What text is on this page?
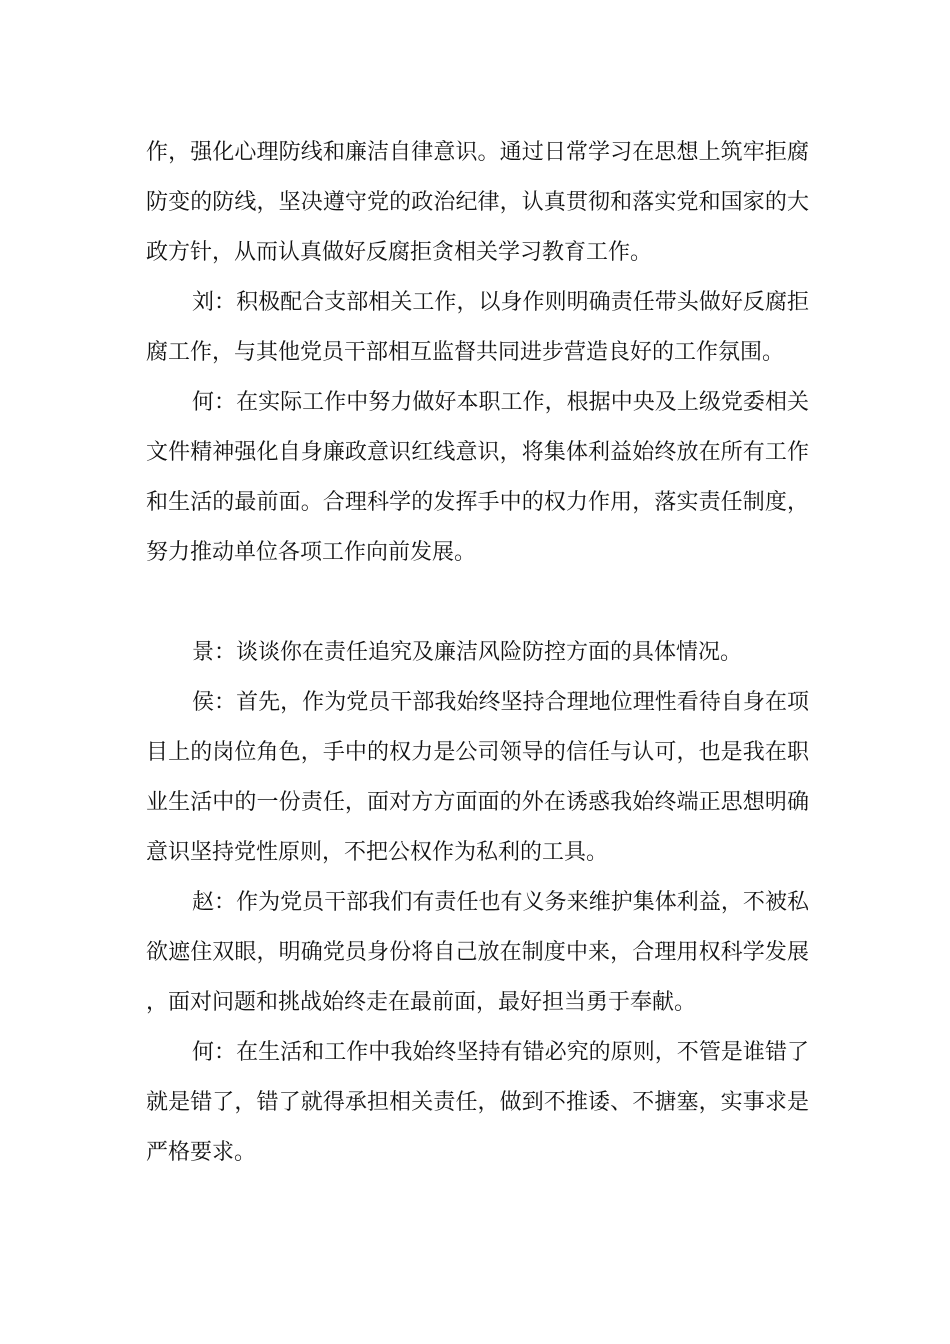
作，强化心理防线和廉洁自律意识。通过日常学习在思想上筑牢拒腐防变的防线，坚决遵守党的政治纪律，认真贯彻和落实党和国家的大政方针，从而认真做好反腐拒贪相关学习教育工作。

刘：积极配合支部相关工作，以身作则明确责任带头做好反腐拒腐工作，与其他党员干部相互监督共同进步营造良好的工作氛围。

何：在实际工作中努力做好本职工作，根据中央及上级党委相关文件精神强化自身廉政意识红线意识，将集体利益始终放在所有工作和生活的最前面。合理科学的发挥手中的权力作用，落实责任制度，努力推动单位各项工作向前发展。

景：谈谈你在责任追究及廉洁风险防控方面的具体情况。

侯：首先，作为党员干部我始终坚持合理地位理性看待自身在项目上的岗位角色，手中的权力是公司领导的信任与认可，也是我在职业生活中的一份责任，面对方方面面的外在诱惑我始终端正思想明确意识坚持党性原则，不把公权作为私利的工具。

赵：作为党员干部我们有责任也有义务来维护集体利益，不被私欲遮住双眼，明确党员身份将自己放在制度中来，合理用权科学发展，面对问题和挑战始终走在最前面，最好担当勇于奉献。

何：在生活和工作中我始终坚持有错必究的原则，不管是谁错了就是错了，错了就得承担相关责任，做到不推诿、不搪塞，实事求是严格要求。
